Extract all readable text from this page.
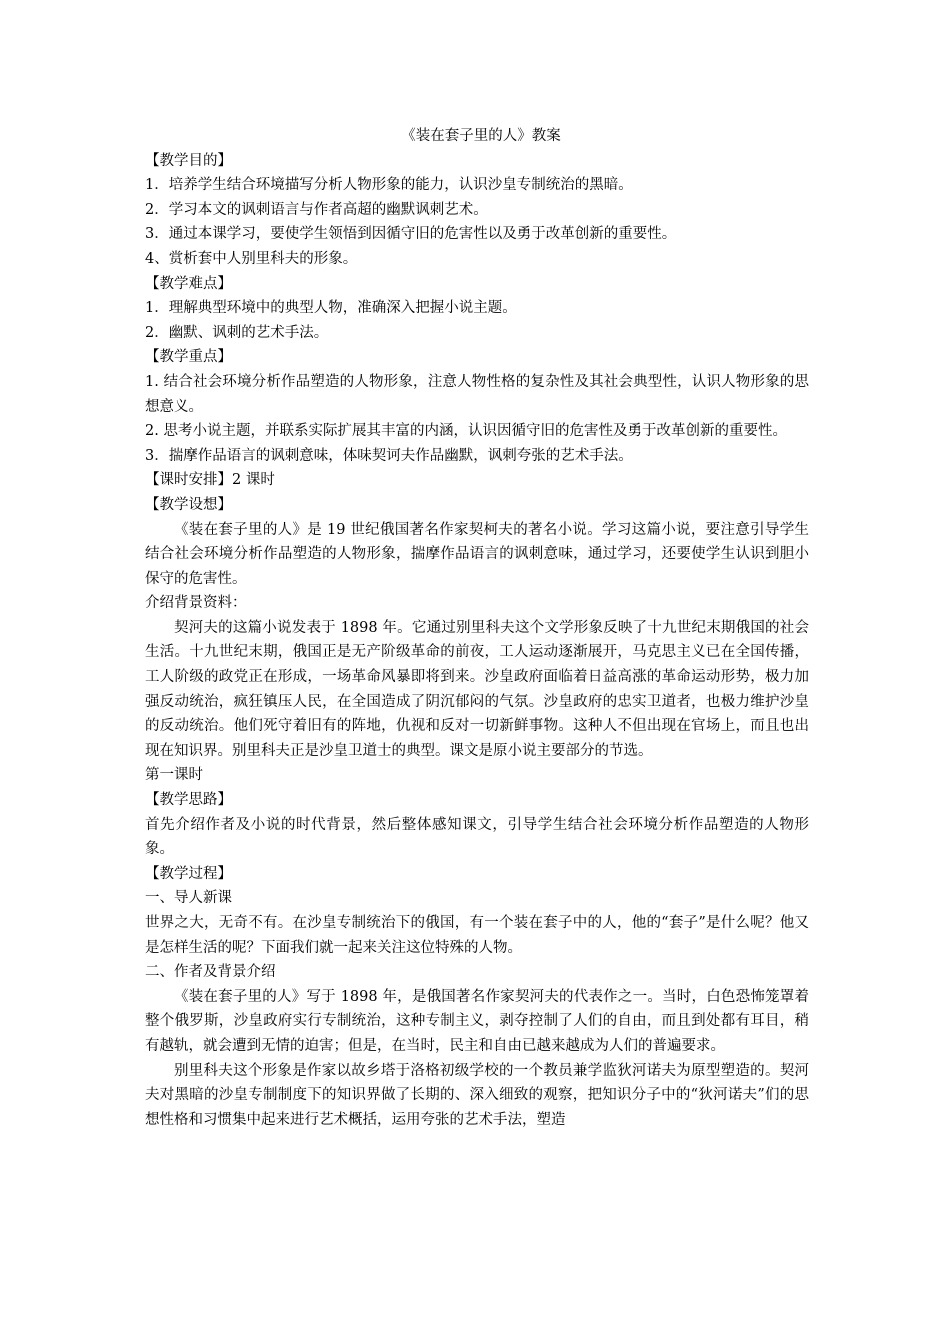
《装在套子里的人》教案
【教学目的】
1．培养学生结合环境描写分析人物形象的能力，认识沙皇专制统治的黑暗。
2．学习本文的讽刺语言与作者高超的幽默讽刺艺术。
3．通过本课学习，要使学生领悟到因循守旧的危害性以及勇于改革创新的重要性。
4、赏析套中人别里科夫的形象。
【教学难点】
1．理解典型环境中的典型人物，准确深入把握小说主题。
2．幽默、讽刺的艺术手法。
【教学重点】
1. 结合社会环境分析作品塑造的人物形象，注意人物性格的复杂性及其社会典型性，认识人物形象的思想意义。
2. 思考小说主题，并联系实际扩展其丰富的内涵，认识因循守旧的危害性及勇于改革创新的重要性。
3．揣摩作品语言的讽刺意味，体味契诃夫作品幽默，讽刺夸张的艺术手法。
【课时安排】2 课时
【教学设想】
《装在套子里的人》是 19 世纪俄国著名作家契柯夫的著名小说。学习这篇小说，要注意引导学生结合社会环境分析作品塑造的人物形象，揣摩作品语言的讽刺意味，通过学习，还要使学生认识到胆小保守的危害性。
介绍背景资料：
契河夫的这篇小说发表于 1898 年。它通过别里科夫这个文学形象反映了十九世纪末期俄国的社会生活。十九世纪末期，俄国正是无产阶级革命的前夜，工人运动逐渐展开，马克思主义已在全国传播，工人阶级的政党正在形成，一场革命风暴即将到来。沙皇政府面临着日益高涨的革命运动形势，极力加强反动统治，疯狂镇压人民，在全国造成了阴沉郁闷的气氛。沙皇政府的忠实卫道者，也极力维护沙皇的反动统治。他们死守着旧有的阵地，仇视和反对一切新鲜事物。这种人不但出现在官场上，而且也出现在知识界。别里科夫正是沙皇卫道士的典型。课文是原小说主要部分的节选。
第一课时
【教学思路】
首先介绍作者及小说的时代背景，然后整体感知课文，引导学生结合社会环境分析作品塑造的人物形象。
【教学过程】
一、导人新课
世界之大，无奇不有。在沙皇专制统治下的俄国，有一个装在套子中的人，他的“套子”是什么呢？他又是怎样生活的呢？下面我们就一起来关注这位特殊的人物。
二、作者及背景介绍
《装在套子里的人》写于 1898 年，是俄国著名作家契河夫的代表作之一。当时，白色恐怖笼罩着整个俄罗斯，沙皇政府实行专制统治，这种专制主义，剥夺控制了人们的自由，而且到处都有耳目，稍有越轨，就会遭到无情的迫害；但是，在当时，民主和自由已越来越成为人们的普遍要求。
别里科夫这个形象是作家以故乡塔于洛格初级学校的一个教员兼学监狄河诺夫为原型塑造的。契河夫对黑暗的沙皇专制制度下的知识界做了长期的、深入细致的观察，把知识分子中的“狄河诺夫”们的思想性格和习惯集中起来进行艺术概括，运用夸张的艺术手法，塑造
